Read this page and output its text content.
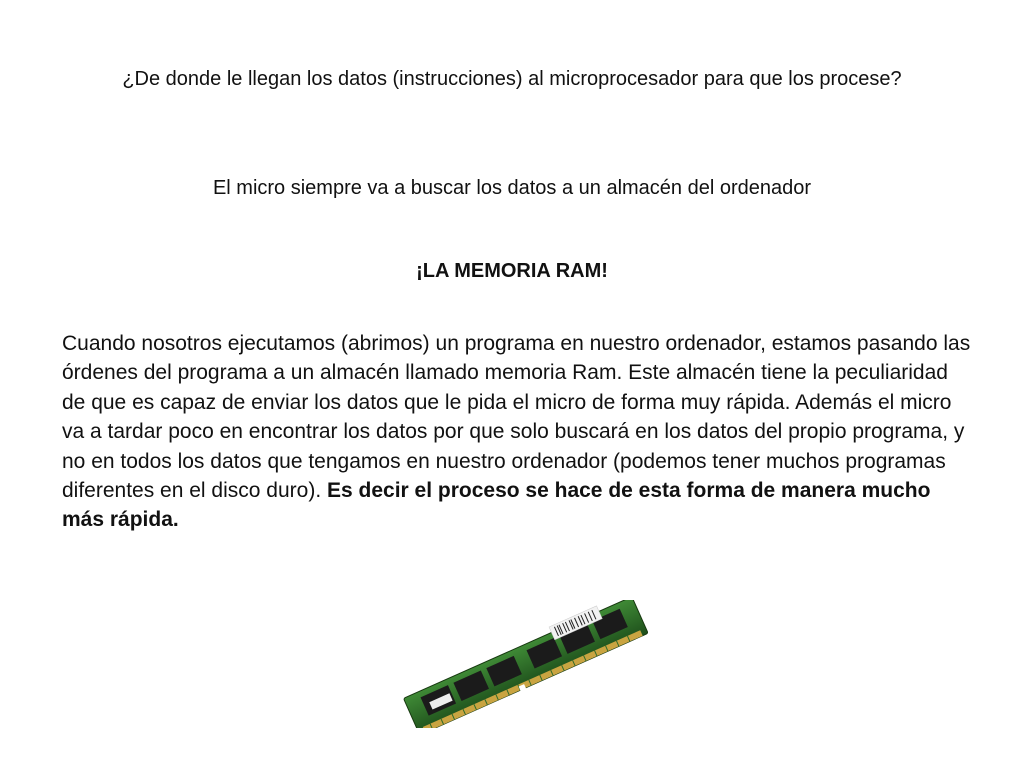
¿De donde le llegan los datos (instrucciones) al microprocesador para que los procese?
El micro siempre va a buscar los datos a un almacén del ordenador
¡LA MEMORIA RAM!
Cuando nosotros ejecutamos (abrimos) un programa en nuestro ordenador, estamos pasando las órdenes del programa a un almacén llamado memoria Ram. Este almacén tiene la peculiaridad de que es capaz de enviar los datos que le pida el micro de forma muy rápida. Además el micro va a tardar poco en encontrar los datos por que solo buscará en los datos del propio programa, y no en todos los datos que tengamos en nuestro ordenador (podemos tener muchos programas diferentes en el disco duro). Es decir el proceso se hace de esta forma de manera mucho más rápida.
